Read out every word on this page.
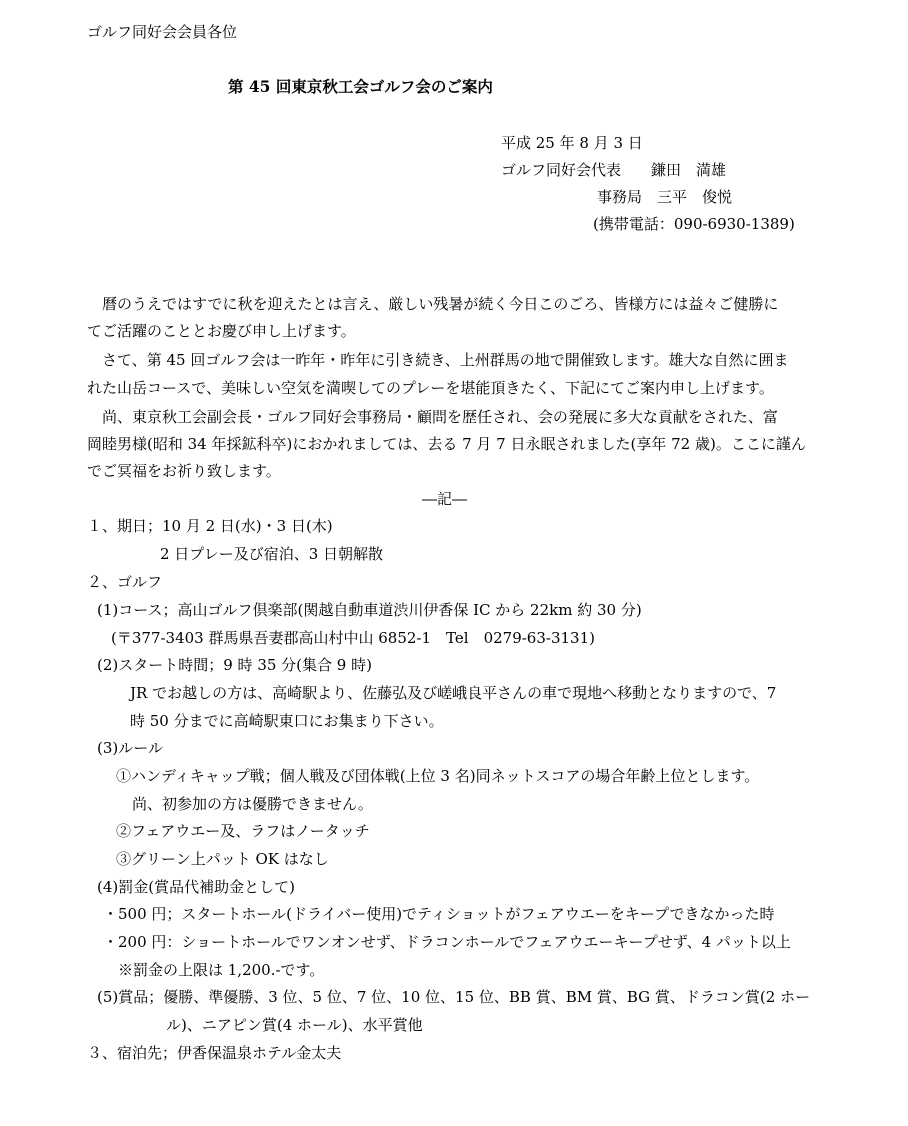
ゴルフ同好会会員各位
第 45 回東京秋工会ゴルフ会のご案内
平成 25 年 8 月 3 日
ゴルフ同好会代表　　鎌田　満雄
事務局　三平　俊悦
(携帯電話：090-6930-1389)
曆のうえではすでに秋を迎えたとは言え、厳しい残暑が続く今日このごろ、皆様方には益々ご健勝に
てご活躍のこととお慶び申し上げます。
さて、第 45 回ゴルフ会は一昨年・昨年に引き続き、上州群馬の地で開催致します。雄大な自然に囲ま
れた山岳コースで、美味しい空気を満喫してのプレーを堪能頂きたく、下記にてご案内申し上げます。
尚、東京秋工会副会長・ゴルフ同好会事務局・顧問を歴任され、会の発展に多大な貢献をされた、富
岡睦男様(昭和 34 年採鉱科卒)におかれましては、去る 7 月 7 日永眠されました(享年 72 歳)。ここに謹ん
でご冥福をお祈り致します。
―記―
１、期日；10 月 2 日(水)・3 日(木)
2 日プレー及び宿泊、3 日朝解散
２、ゴルフ
(1)コース；高山ゴルフ倶楽部(関越自動車道渋川伊香保 IC から 22km 約 30 分)
(〒377-3403 群馬県吾妻郡高山村中山 6852-1　Tel　0279-63-3131)
(2)スタート時間；9 時 35 分(集合 9 時)
JR でお越しの方は、高崎駅より、佐藤弘及び嵯峨良平さんの車で現地へ移動となりますので、7
時 50 分までに高崎駅東口にお集まり下さい。
(3)ルール
①ハンディキャップ戦；個人戦及び団体戦(上位 3 名)同ネットスコアの場合年齢上位とします。
尚、初参加の方は優勝できません。
②フェアウエー及、ラフはノータッチ
③グリーン上パット OK はなし
(4)罰金(賞品代補助金として)
・500 円；スタートホール(ドライバー使用)でティショットがフェアウエーをキープできなかった時
・200 円：ショートホールでワンオンせず、ドラコンホールでフェアウエーキープせず、4 パット以上
※罰金の上限は 1,200.-です。
(5)賞品；優勝、準優勝、3 位、5 位、7 位、10 位、15 位、BB 賞、BM 賞、BG 賞、ドラコン賞(2 ホー
ル)、ニアピン賞(4 ホール)、水平賞他
３、宿泊先；伊香保温泉ホテル金太夫
